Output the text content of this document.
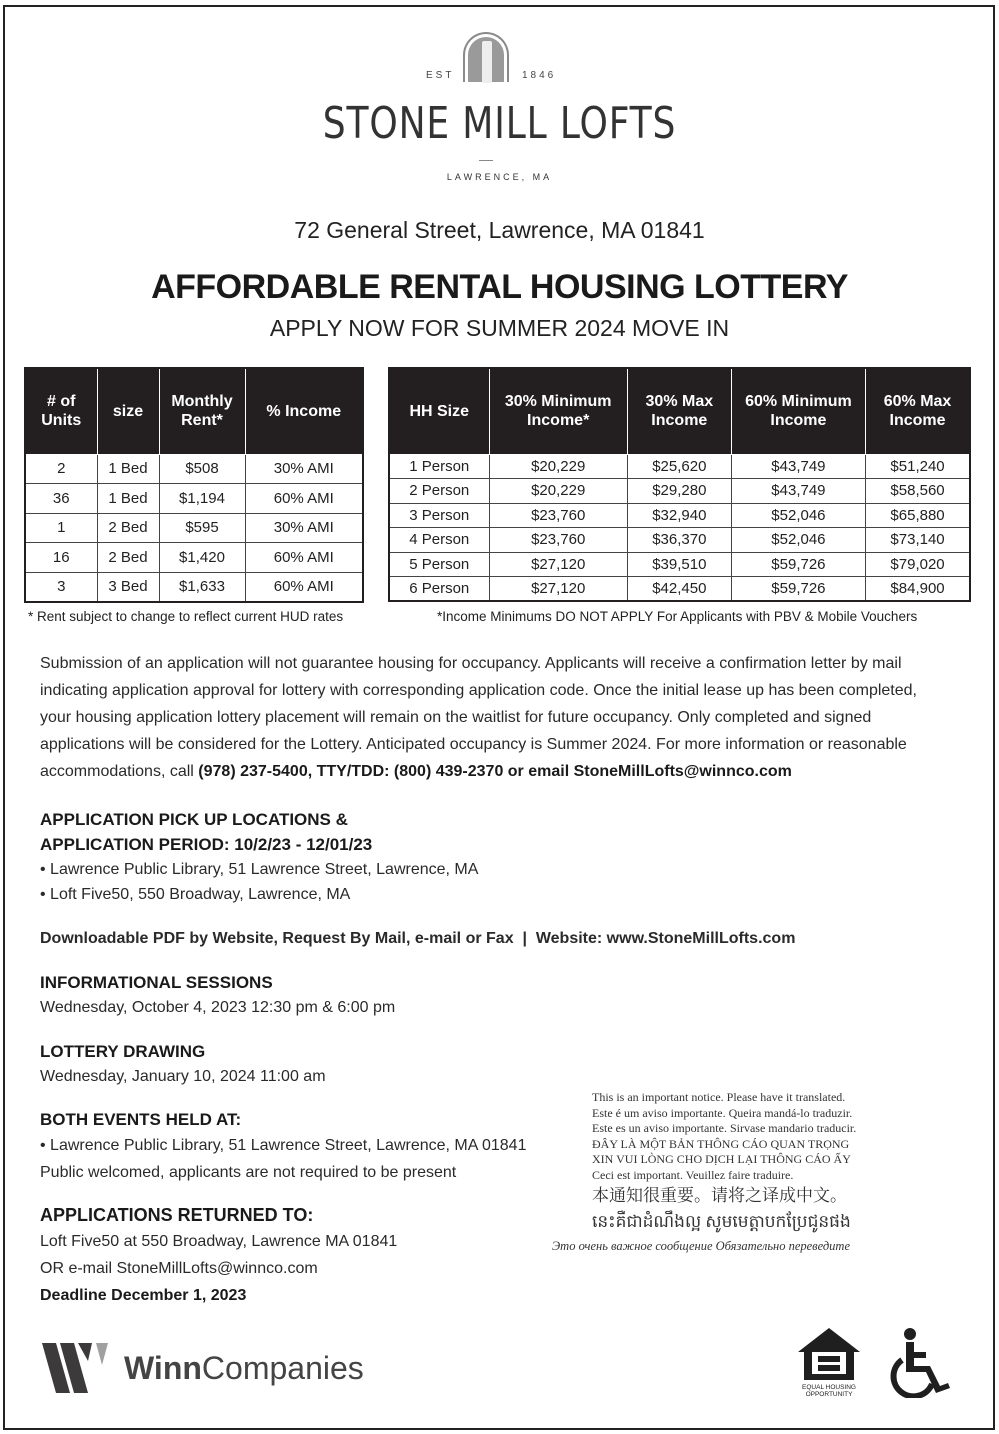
EST	1846
STONE MILL LOFTS
LAWRENCE, MA
72 General Street, Lawrence, MA 01841
AFFORDABLE RENTAL HOUSING LOTTERY
APPLY NOW FOR SUMMER 2024 MOVE IN
# of Units	size	Monthly Rent*	% Income
2	1 Bed	$508	30% AMI
36	1 Bed	$1,194	60% AMI
1	2 Bed	$595	30% AMI
16	2 Bed	$1,420	60% AMI
3	3 Bed	$1,633	60% AMI
* Rent subject to change to reflect current HUD rates
HH Size	30% Minimum Income*	30% Max Income	60% Minimum Income	60% Max Income
1 Person	$20,229	$25,620	$43,749	$51,240
2 Person	$20,229	$29,280	$43,749	$58,560
3 Person	$23,760	$32,940	$52,046	$65,880
4 Person	$23,760	$36,370	$52,046	$73,140
5 Person	$27,120	$39,510	$59,726	$79,020
6 Person	$27,120	$42,450	$59,726	$84,900
*Income Minimums DO NOT APPLY For Applicants with PBV & Mobile Vouchers
Submission of an application will not guarantee housing for occupancy. Applicants will receive a confirmation letter by mail indicating application approval for lottery with corresponding application code. Once the initial lease up has been completed, your housing application lottery placement will remain on the waitlist for future occupancy. Only completed and signed applications will be considered for the Lottery. Anticipated occupancy is Summer 2024. For more information or reasonable accommodations, call (978) 237-5400, TTY/TDD: (800) 439-2370 or email StoneMillLofts@winnco.com
APPLICATION PICK UP LOCATIONS &
APPLICATION PERIOD: 10/2/23 - 12/01/23
• Lawrence Public Library, 51 Lawrence Street, Lawrence, MA
• Loft Five50, 550 Broadway, Lawrence, MA
Downloadable PDF by Website, Request By Mail, e-mail or Fax  |  Website: www.StoneMillLofts.com
INFORMATIONAL SESSIONS
Wednesday, October 4, 2023 12:30 pm & 6:00 pm
LOTTERY DRAWING
Wednesday, January 10, 2024 11:00 am
BOTH EVENTS HELD AT:
• Lawrence Public Library, 51 Lawrence Street, Lawrence, MA 01841
Public welcomed, applicants are not required to be present
APPLICATIONS RETURNED TO:
Loft Five50 at 550 Broadway, Lawrence MA 01841
OR e-mail StoneMillLofts@winnco.com
Deadline December 1, 2023
This is an important notice. Please have it translated.
Este é um aviso importante. Queira mandá-lo traduzir.
Este es un aviso importante. Sirvase mandario traducir.
ĐÂY LÀ MỘT BẢN THÔNG CÁO QUAN TRỌNG
XIN VUI LÒNG CHO DỊCH LẠI THÔNG CÁO ẤY
Ceci est important. Veuillez faire traduire.
本通知很重要。请将之译成中文。
នេះគឺជាដំណឹងល្អ សូមមេត្តាបកប្រែជូនផង
Это очень важное сообщение Обязательно переведите
WinnCompanies
EQUAL HOUSING
OPPORTUNITY
